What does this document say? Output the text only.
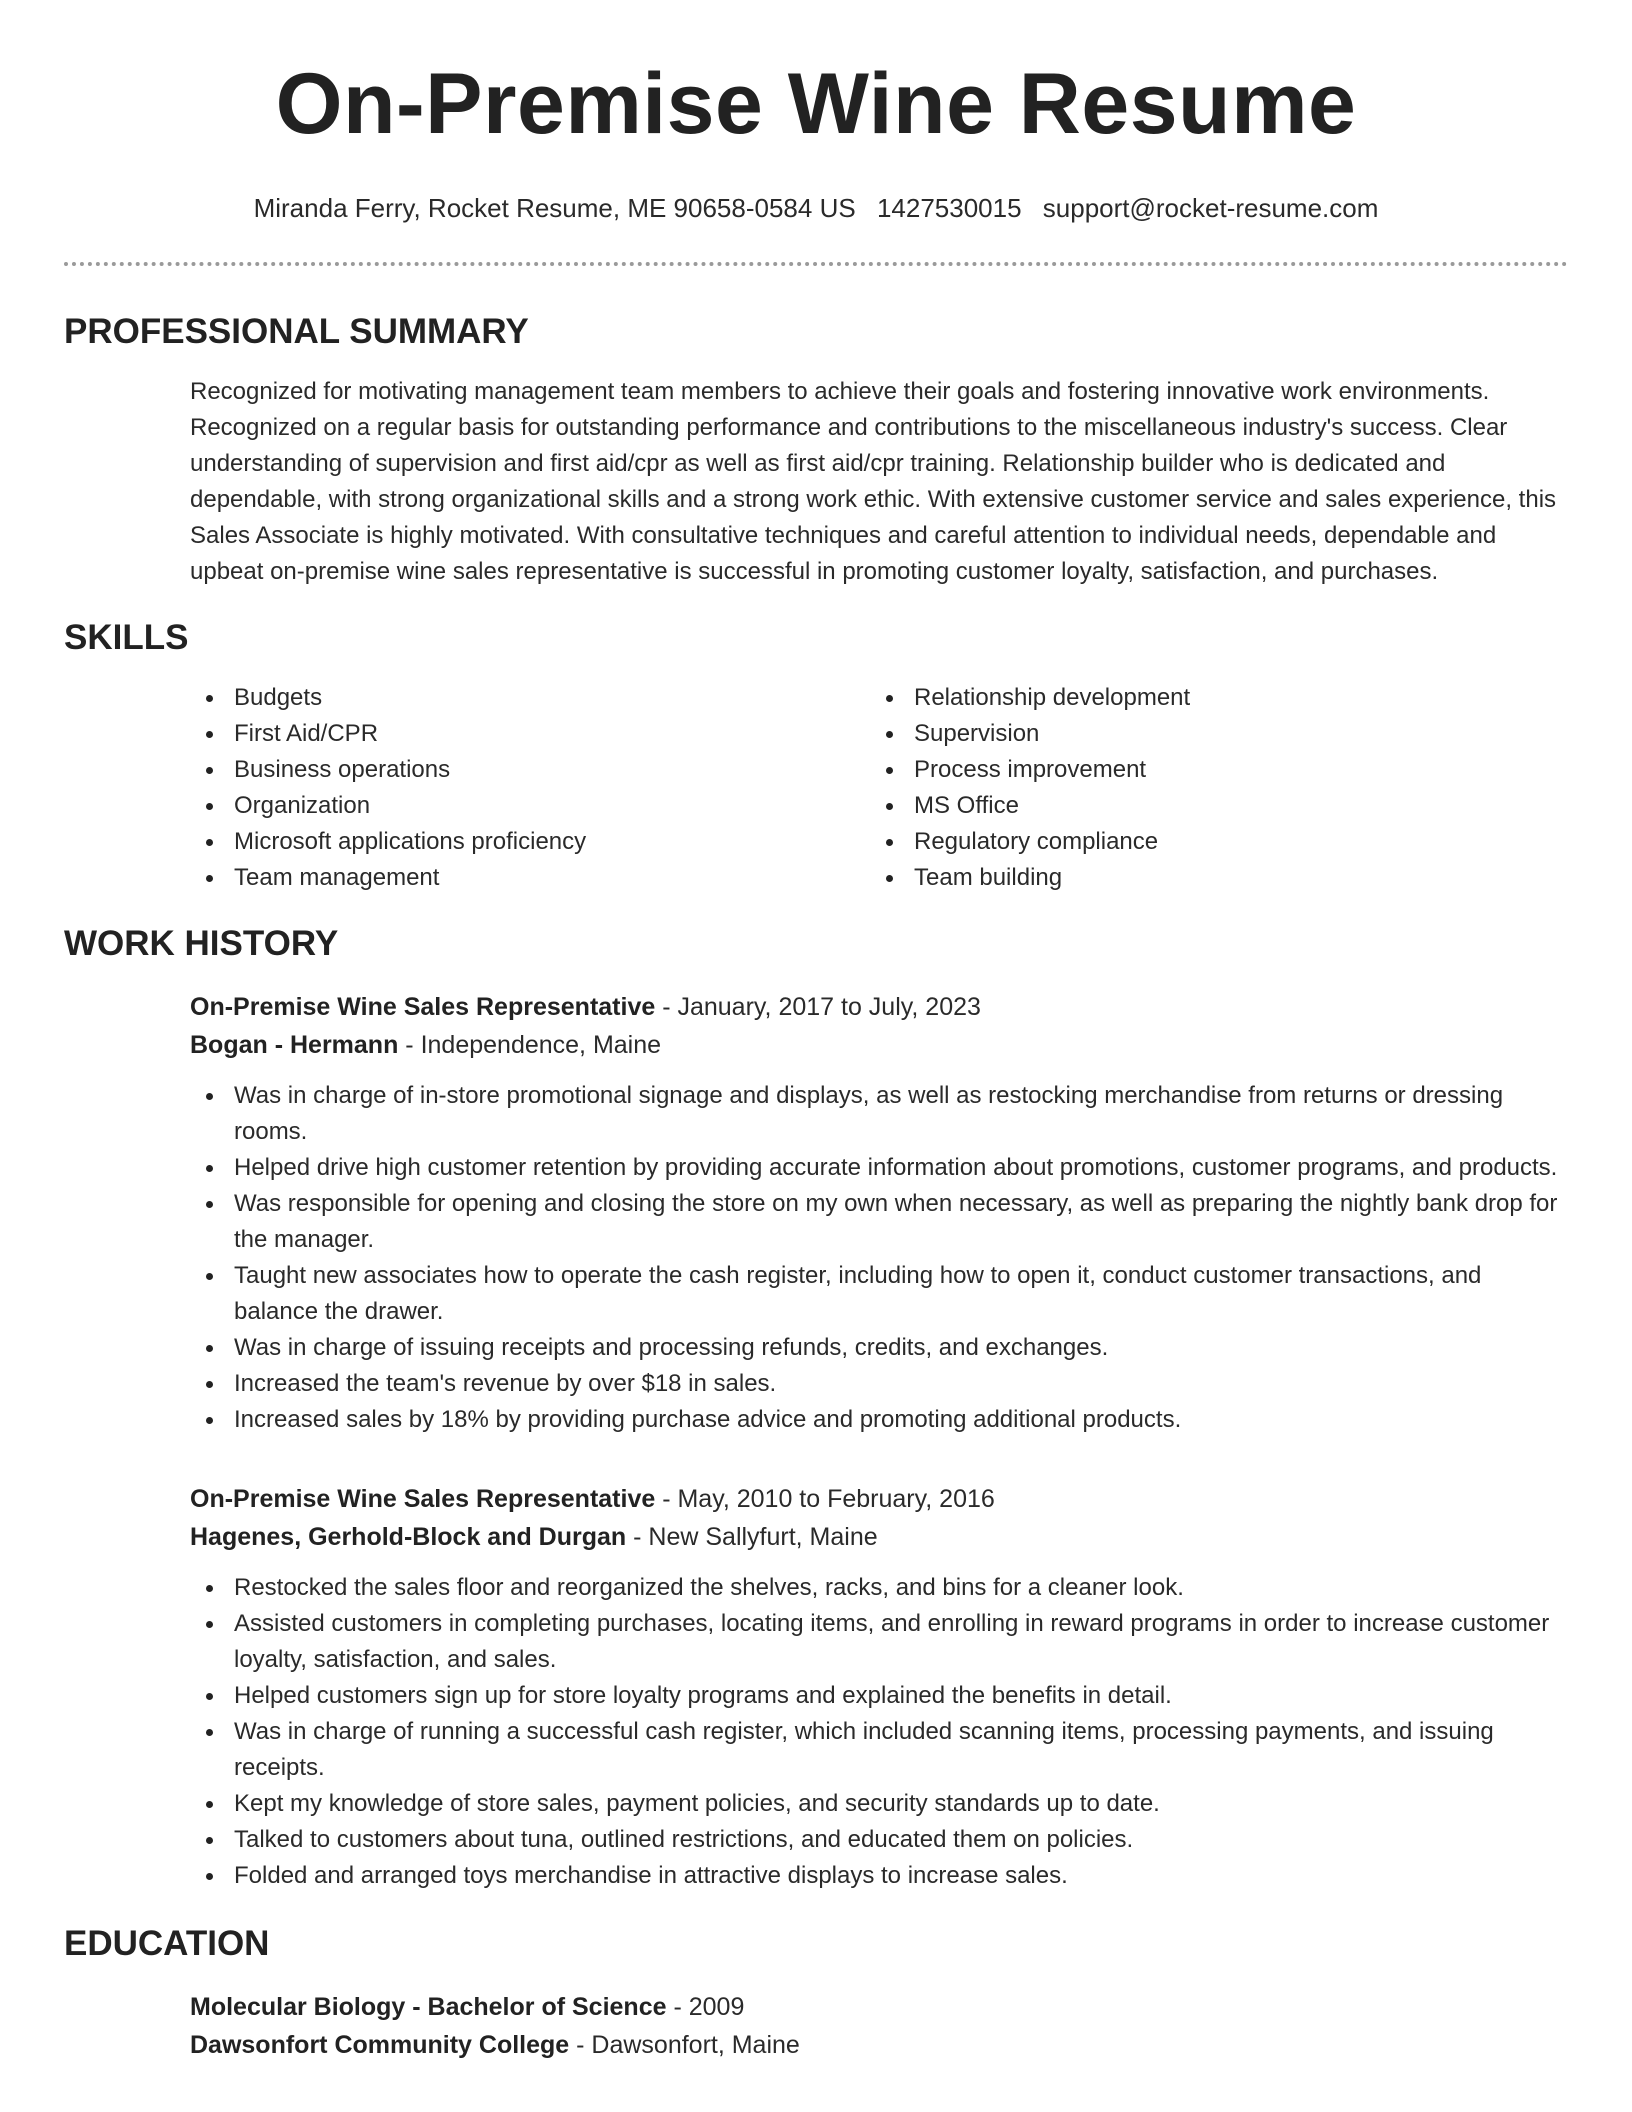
On-Premise Wine Resume
Miranda Ferry, Rocket Resume, ME 90658-0584 US 1427530015 support@rocket-resume.com
PROFESSIONAL SUMMARY
Recognized for motivating management team members to achieve their goals and fostering innovative work environments. Recognized on a regular basis for outstanding performance and contributions to the miscellaneous industry's success. Clear understanding of supervision and first aid/cpr as well as first aid/cpr training. Relationship builder who is dedicated and dependable, with strong organizational skills and a strong work ethic. With extensive customer service and sales experience, this Sales Associate is highly motivated. With consultative techniques and careful attention to individual needs, dependable and upbeat on-premise wine sales representative is successful in promoting customer loyalty, satisfaction, and purchases.
SKILLS
Budgets
First Aid/CPR
Business operations
Organization
Microsoft applications proficiency
Team management
Relationship development
Supervision
Process improvement
MS Office
Regulatory compliance
Team building
WORK HISTORY
On-Premise Wine Sales Representative - January, 2017 to July, 2023
Bogan - Hermann - Independence, Maine
Was in charge of in-store promotional signage and displays, as well as restocking merchandise from returns or dressing rooms.
Helped drive high customer retention by providing accurate information about promotions, customer programs, and products.
Was responsible for opening and closing the store on my own when necessary, as well as preparing the nightly bank drop for the manager.
Taught new associates how to operate the cash register, including how to open it, conduct customer transactions, and balance the drawer.
Was in charge of issuing receipts and processing refunds, credits, and exchanges.
Increased the team's revenue by over $18 in sales.
Increased sales by 18% by providing purchase advice and promoting additional products.
On-Premise Wine Sales Representative - May, 2010 to February, 2016
Hagenes, Gerhold-Block and Durgan - New Sallyfurt, Maine
Restocked the sales floor and reorganized the shelves, racks, and bins for a cleaner look.
Assisted customers in completing purchases, locating items, and enrolling in reward programs in order to increase customer loyalty, satisfaction, and sales.
Helped customers sign up for store loyalty programs and explained the benefits in detail.
Was in charge of running a successful cash register, which included scanning items, processing payments, and issuing receipts.
Kept my knowledge of store sales, payment policies, and security standards up to date.
Talked to customers about tuna, outlined restrictions, and educated them on policies.
Folded and arranged toys merchandise in attractive displays to increase sales.
EDUCATION
Molecular Biology - Bachelor of Science - 2009
Dawsonfort Community College - Dawsonfort, Maine
